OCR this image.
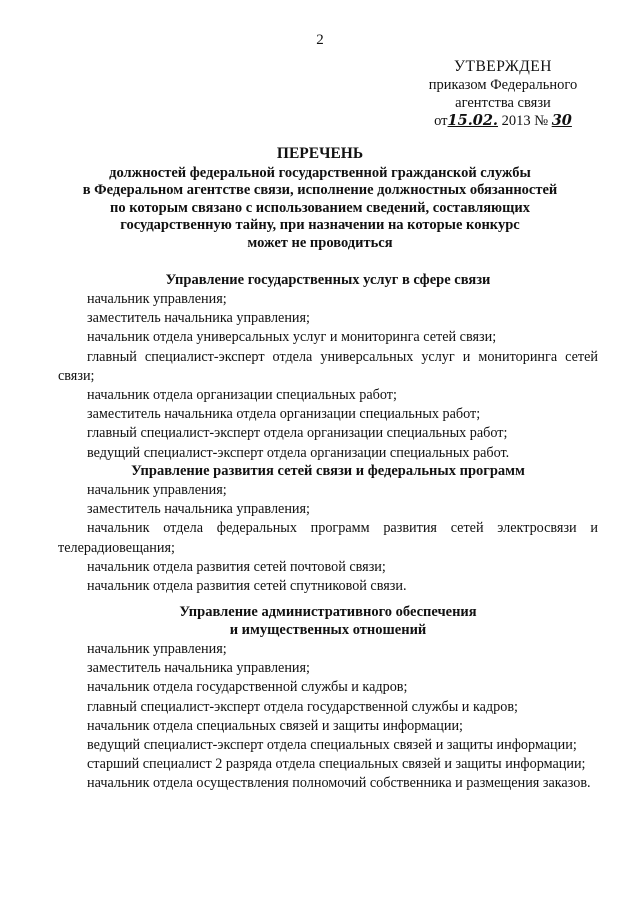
2
УТВЕРЖДЕН
приказом Федерального
агентства связи
от15.02. 2013 № 30
ПЕРЕЧЕНЬ
должностей федеральной государственной гражданской службы
в Федеральном агентстве связи, исполнение должностных обязанностей
по которым связано с использованием сведений, составляющих
государственную тайну, при назначении на которые конкурс
может не проводиться
Управление государственных услуг в сфере связи
начальник управления;
заместитель начальника управления;
начальник отдела универсальных услуг и мониторинга сетей связи;
главный специалист-эксперт отдела универсальных услуг и мониторинга сетей связи;
начальник отдела организации специальных работ;
заместитель начальника отдела организации специальных работ;
главный специалист-эксперт отдела организации специальных работ;
ведущий специалист-эксперт отдела организации специальных работ.
Управление развития сетей связи и федеральных программ
начальник управления;
заместитель начальника управления;
начальник отдела федеральных программ развития сетей электросвязи и телерадиовещания;
начальник отдела развития сетей почтовой связи;
начальник отдела развития сетей спутниковой связи.
Управление административного обеспечения
и имущественных отношений
начальник управления;
заместитель начальника управления;
начальник отдела государственной службы и кадров;
главный специалист-эксперт отдела государственной службы и кадров;
начальник отдела специальных связей и защиты информации;
ведущий специалист-эксперт отдела специальных связей и защиты информации;
старший специалист 2 разряда отдела специальных связей и защиты информации;
начальник отдела осуществления полномочий собственника и размещения заказов.
